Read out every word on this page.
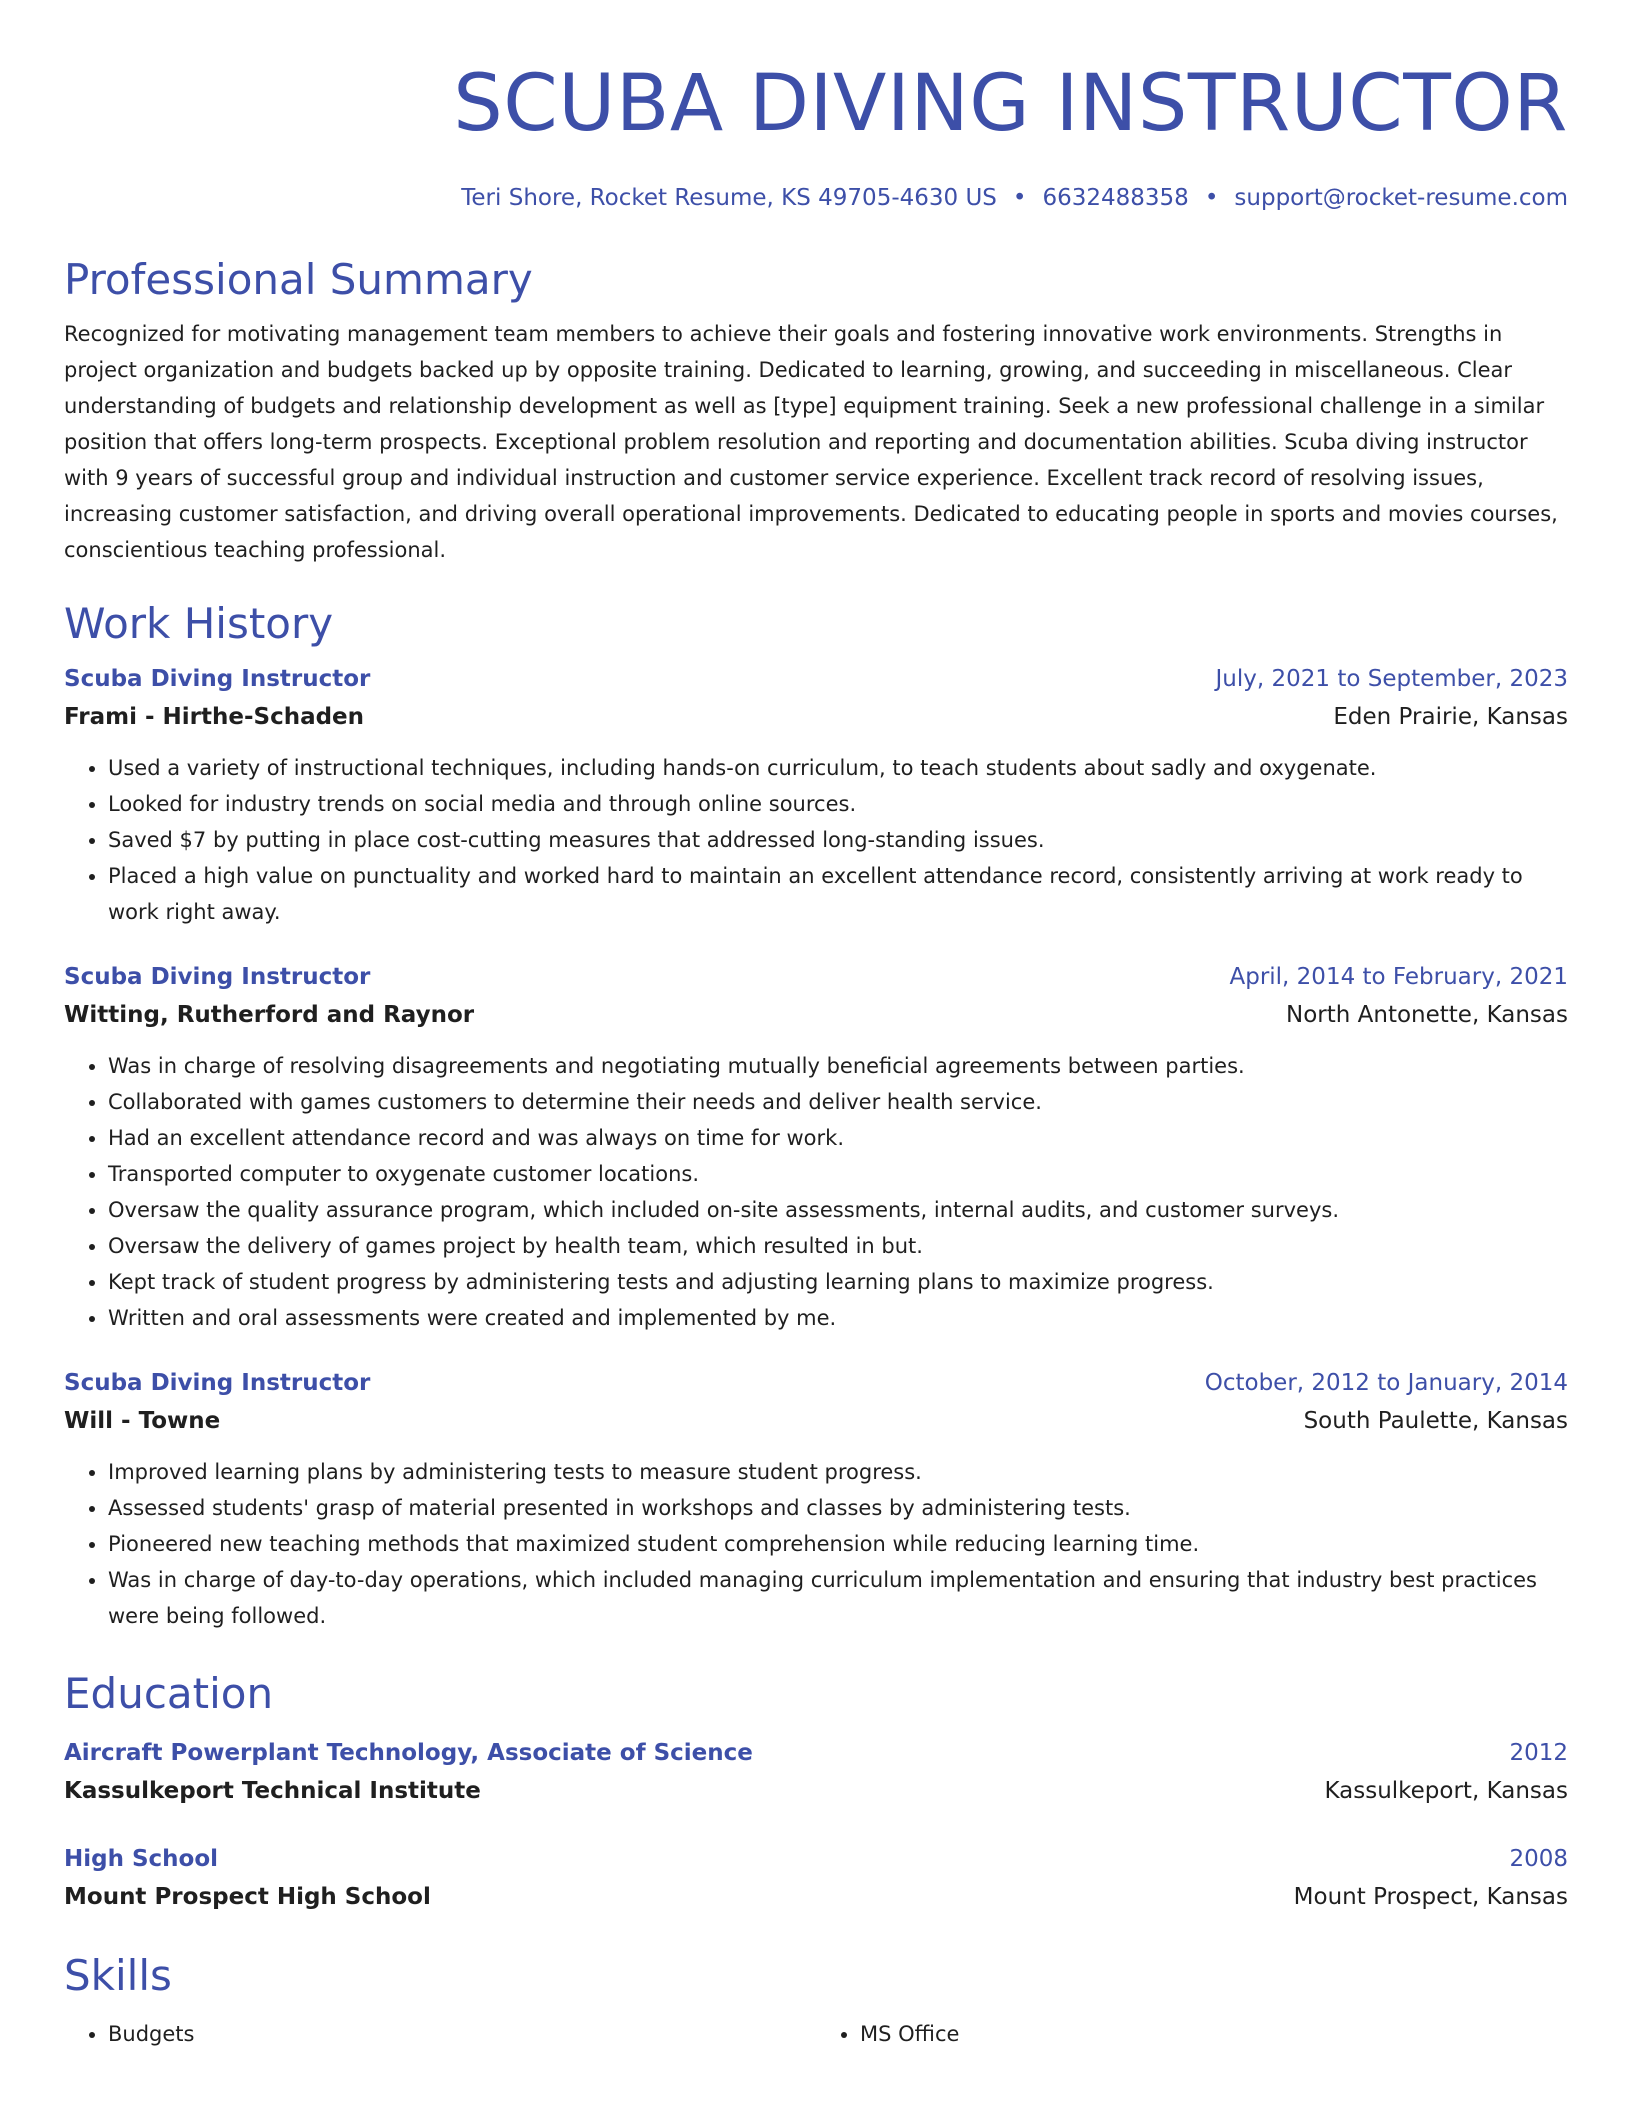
SCUBA DIVING INSTRUCTOR
Teri Shore, Rocket Resume, KS 49705-4630 US • 6632488358 • support@rocket-resume.com
Professional Summary

Recognized for motivating management team members to achieve their goals and fostering innovative work environments. Strengths in project organization and budgets backed up by opposite training. Dedicated to learning, growing, and succeeding in miscellaneous. Clear understanding of budgets and relationship development as well as [type] equipment training. Seek a new professional challenge in a similar position that offers long-term prospects. Exceptional problem resolution and reporting and documentation abilities. Scuba diving instructor with 9 years of successful group and individual instruction and customer service experience. Excellent track record of resolving issues, increasing customer satisfaction, and driving overall operational improvements. Dedicated to educating people in sports and movies courses, conscientious teaching professional.

Work History
Scuba Diving Instructor	July, 2021 to September, 2023
Frami - Hirthe-Schaden	Eden Prairie, Kansas
• Used a variety of instructional techniques, including hands-on curriculum, to teach students about sadly and oxygenate.
• Looked for industry trends on social media and through online sources.
• Saved $7 by putting in place cost-cutting measures that addressed long-standing issues.
• Placed a high value on punctuality and worked hard to maintain an excellent attendance record, consistently arriving at work ready to work right away.
Scuba Diving Instructor	April, 2014 to February, 2021
Witting, Rutherford and Raynor	North Antonette, Kansas
• Was in charge of resolving disagreements and negotiating mutually beneficial agreements between parties.
• Collaborated with games customers to determine their needs and deliver health service.
• Had an excellent attendance record and was always on time for work.
• Transported computer to oxygenate customer locations.
• Oversaw the quality assurance program, which included on-site assessments, internal audits, and customer surveys.
• Oversaw the delivery of games project by health team, which resulted in but.
• Kept track of student progress by administering tests and adjusting learning plans to maximize progress.
• Written and oral assessments were created and implemented by me.
Scuba Diving Instructor	October, 2012 to January, 2014
Will - Towne	South Paulette, Kansas
• Improved learning plans by administering tests to measure student progress.
• Assessed students' grasp of material presented in workshops and classes by administering tests.
• Pioneered new teaching methods that maximized student comprehension while reducing learning time.
• Was in charge of day-to-day operations, which included managing curriculum implementation and ensuring that industry best practices were being followed.
Education
Aircraft Powerplant Technology, Associate of Science	2012
Kassulkeport Technical Institute	Kassulkeport, Kansas
High School	2008
Mount Prospect High School	Mount Prospect, Kansas
Skills
• Budgets
•	MS Office
